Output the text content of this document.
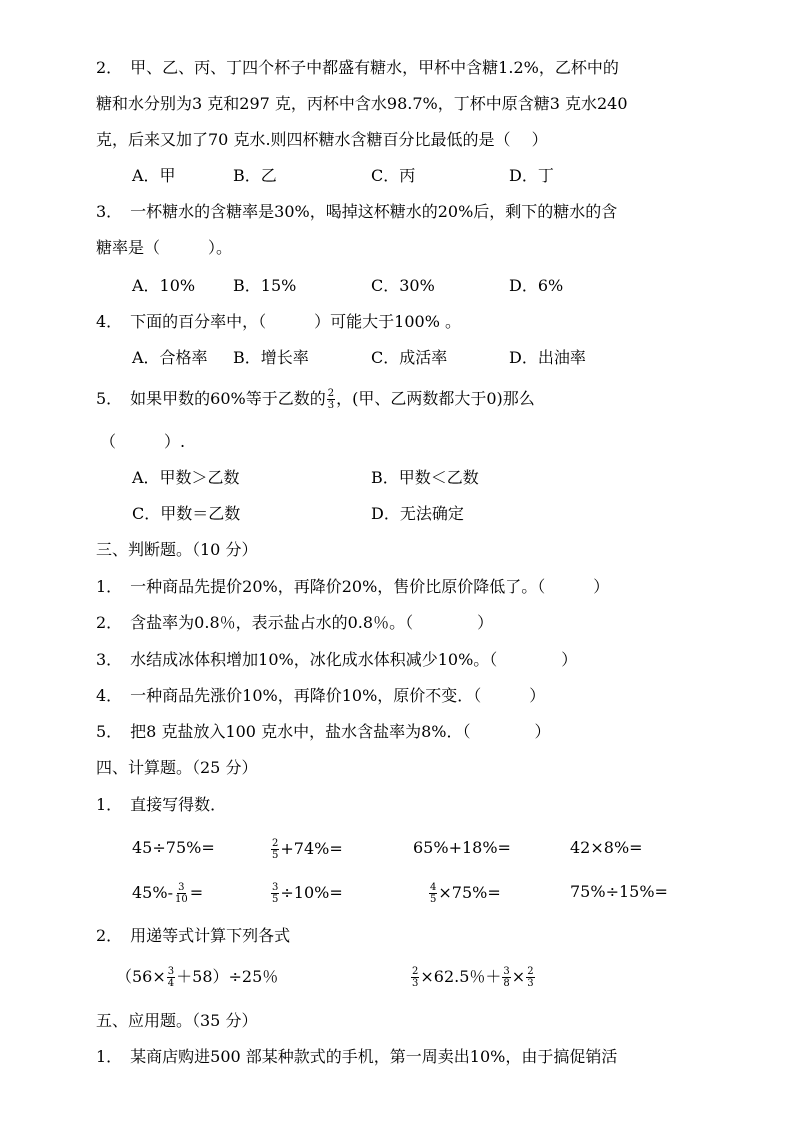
2．　甲、乙、丙、丁四个杯子中都盛有糖水，甲杯中含糖1.2%，乙杯中的
糖和水分别为3 克和297 克，丙杯中含水98.7%，丁杯中原含糖3 克水240
克，后来又加了70 克水.则四杯糖水含糖百分比最低的是（　 ）
A．甲	B．乙	C．丙	D．丁
3．　一杯糖水的含糖率是30%，喝掉这杯糖水的20%后，剩下的糖水的含
糖率是（　　　）。
A．10% B．15%	C．30%	D．6%
4．　下面的百分率中，（　　　）可能大于100% 。
A．合格率 B．增长率	C．成活率	D．出油率
5．　如果甲数的60%等于乙数的 $\frac{2}{3}$ ，(甲、乙两数都大于0)那么
（　　　）.
A．甲数＞乙数	B．甲数＜乙数
C．甲数＝乙数	D．无法确定
三、判断题。（10 分）
1．　一种商品先提价20%，再降价20%，售价比原价降低了。（　　　）
2．　含盐率为0.8％，表示盐占水的0.8％。（　　　　）
3．　水结成冰体积增加10%，冰化成水体积减少10%。（　　　　）
4．　一种商品先涨价10%，再降价10%，原价不变．（　　　）
5．　把8 克盐放入100 克水中，盐水含盐率为8%．（　　　　）
四、计算题。（25 分）
1．　直接写得数．
45÷75%=	$\frac{2}{5} +74\%=$	65%+18%=	42×8%=
$45\%- \frac{3}{10}$ =	$\frac{3}{5} \div 10\%=$	$\frac{4}{5} \times 75\%=$	75%÷15%=
2．　用递等式计算下列各式
$(56\times \frac{3}{4} +58)\div 25$％	$\frac{2}{3} \times 62.5$％＋ $\frac{3}{8} \times \frac{2}{3}$
五、应用题。（35 分）
1．　某商店购进500 部某种款式的手机，第一周卖出10%，由于搞促销活
